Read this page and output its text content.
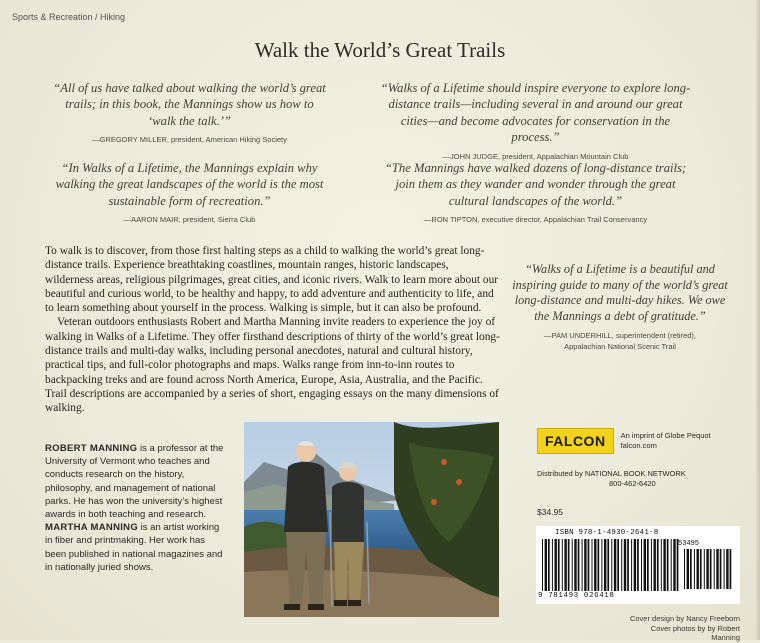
Sports & Recreation / Hiking
Walk the World’s Great Trails
“All of us have talked about walking the world’s great trails; in this book, the Mannings show us how to ‘walk the talk.’”
—GREGORY MILLER, president, American Hiking Society
“Walks of a Lifetime should inspire everyone to explore long-distance trails—including several in and around our great cities—and become advocates for conservation in the process.”
—JOHN JUDGE, president, Appalachian Mountain Club
“In Walks of a Lifetime, the Mannings explain why walking the great landscapes of the world is the most sustainable form of recreation.”
—AARON MAIR, president, Sierra Club
“The Mannings have walked dozens of long-distance trails; join them as they wander and wonder through the great cultural landscapes of the world.”
—RON TIPTON, executive director, Appalachian Trail Conservancy

To walk is to discover, from those first halting steps as a child to walking the world’s great long-distance trails. Experience breathtaking coastlines, mountain ranges, historic landscapes, wilderness areas, religious pilgrimages, great cities, and iconic rivers. Walk to learn more about our beautiful and curious world, to be healthy and happy, to add adventure and authenticity to life, and to learn something about yourself in the process. Walking is simple, but it can also be profound.

Veteran outdoors enthusiasts Robert and Martha Manning invite readers to experience the joy of walking in Walks of a Lifetime. They offer firsthand descriptions of thirty of the world’s great long-distance trails and multi-day walks, including personal anecdotes, natural and cultural history, practical tips, and full-color photographs and maps. Walks range from inn-to-inn routes to backpacking treks and are found across North America, Europe, Asia, Australia, and the Pacific. Trail descriptions are accompanied by a series of short, engaging essays on the many dimensions of walking.

“Walks of a Lifetime is a beautiful and inspiring guide to many of the world’s great long-distance and multi-day hikes. We owe the Mannings a debt of gratitude.”
—PAM UNDERHILL, superintendent (retired),
Appalachian National Scenic Trail
ROBERT MANNING is a professor at the University of Vermont who teaches and conducts research on the history, philosophy, and management of national parks. He has won the university’s highest awards in both teaching and research. MARTHA MANNING is an artist working in fiber and printmaking. Her work has been published in national magazines and in nationally juried shows.
FALCON	An imprint of Globe Pequot
falcon.com
Distributed by NATIONAL BOOK NETWORK
800-462-6420
$34.95
ISBN 978-1-4930-2641-8
53495
9 781493 026418
Cover design by Nancy Freeborn
Cover photos by by Robert Manning
